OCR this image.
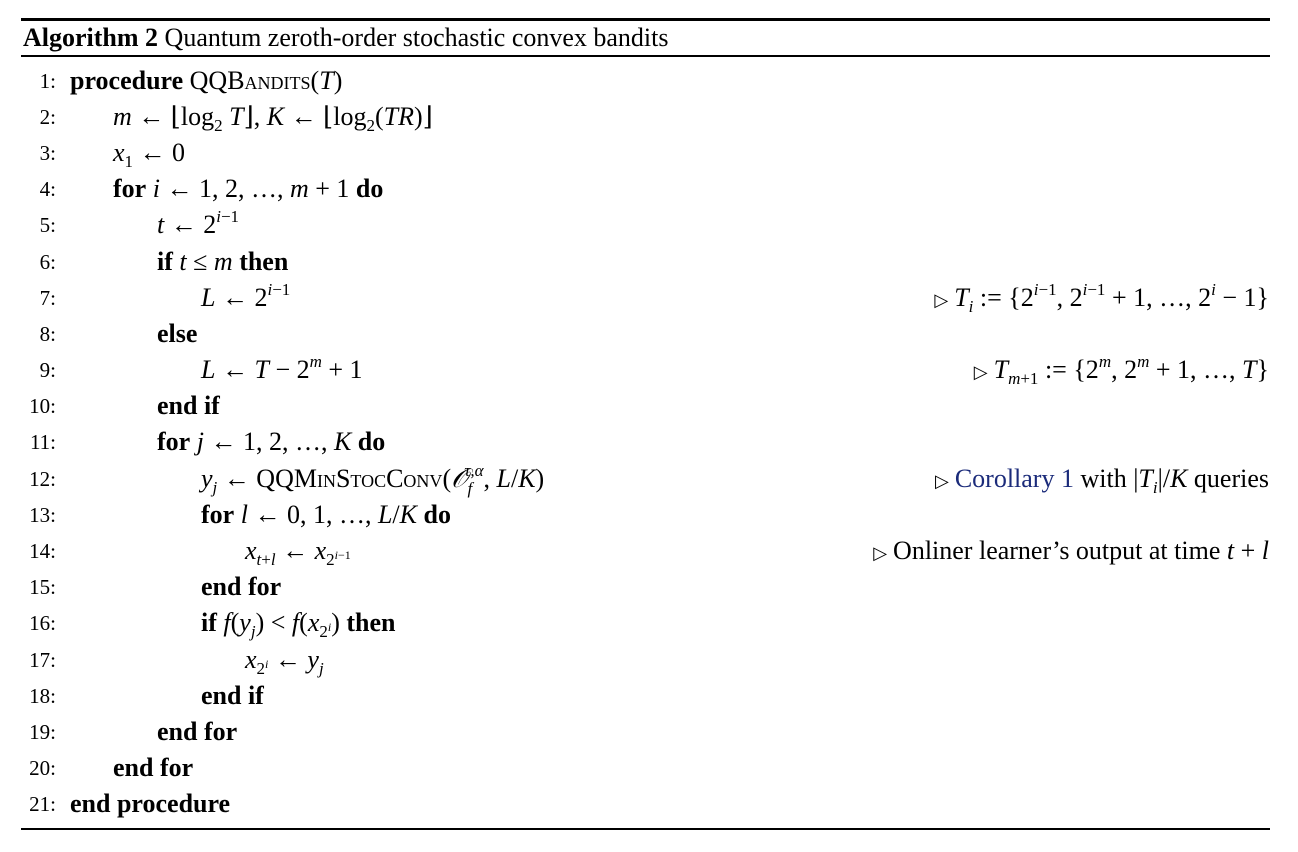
Algorithm 2 Quantum zeroth-order stochastic convex bandits
1: procedure QQBandits(T)
2: m ← $⌊\log_2$ T⌋, K ← $⌊\log_2(TR)⌋$
3: $x_1$ ← 0
4: for i ← 1, 2, …, m + 1 do
5:	t ← $2^{i-1}$
6:	if t ≤ m then
7:	L ← $2^{i-1}$
▷ $T_i$ := {$2^{i-1}$, $2^{i-1} + 1$, …, $2^i - 1$}
8:	else
9:	L ← $T - 2^m + 1$	▷ $T_{m+1}$ := {$2^m$, $2^m + 1$, …, T}
10:	end if
11:	for j ← 1, 2, …, K do
12:	$y_j$ ← QQMinStocConv(𝒪$_f^{\tau,\alpha}$, L/K)	▷ Corollary 1 with $|T_i|/K$ queries
13:	for l ← 0, 1, …, L/K do
14:	$x_{t+l}$ ← $x_{2^{i-1}}$	▷ Onliner learner’s output at time t + l
15:	end for
16:	if $f(y_j) < f(x_{2^i})$ then
17:	$x_{2^i}$ ← $y_j$
18:	end if
19:	end for
20: end for
21: end procedure
